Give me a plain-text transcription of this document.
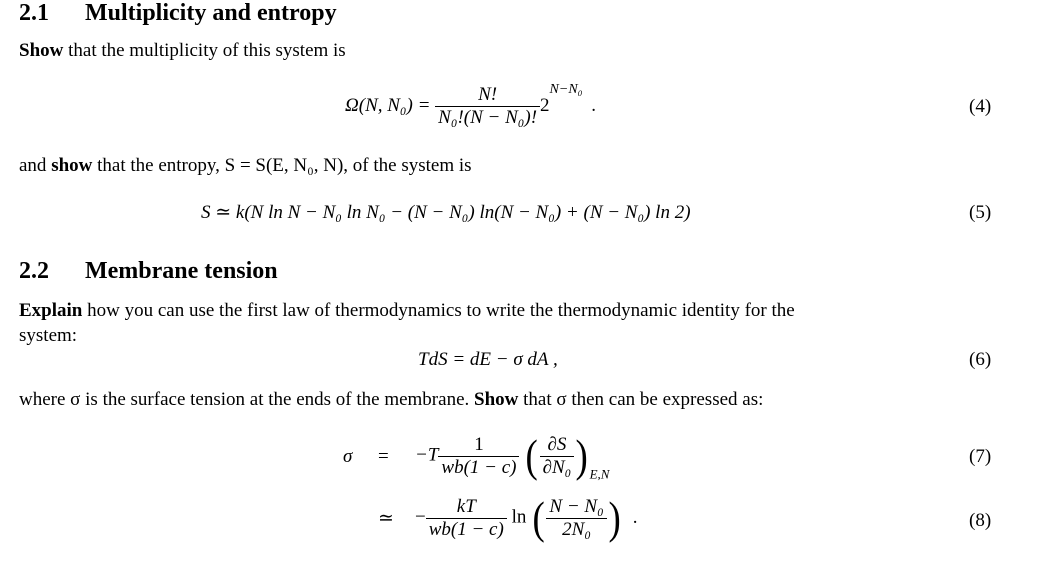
2.1 Multiplicity and entropy
Show that the multiplicity of this system is
Ω(N, $N_0) = \frac{N!}{\text{N₀!(N − N₀)!}} 2^{N-N_0}$ .	(4)
and show that the entropy, S = S(E, N₀, N), of the system is
S ≃ k(N ln N − N₀ ln N₀ − (N − N₀) ln(N − N₀) + (N − N₀) ln 2)	(5)
2.2 Membrane tension
Explain how you can use the first law of thermodynamics to write the thermodynamic identity for the
system:
TdS = dE − σ dA ,	(6)
where σ is the surface tension at the ends of the membrane. Show that σ then can be expressed as:
$\sigma = -T \frac{1}{wb(1 - c)}$ ( $\frac{\partial S}{\text{∂N₀}}$ ) $_{E,N}$
(7)
≃ − $\frac{kT}{wb(1 - c)}$ ln ( $\frac{\text{N − N₀}}{\text{2N₀}}$ ) .	(8)
